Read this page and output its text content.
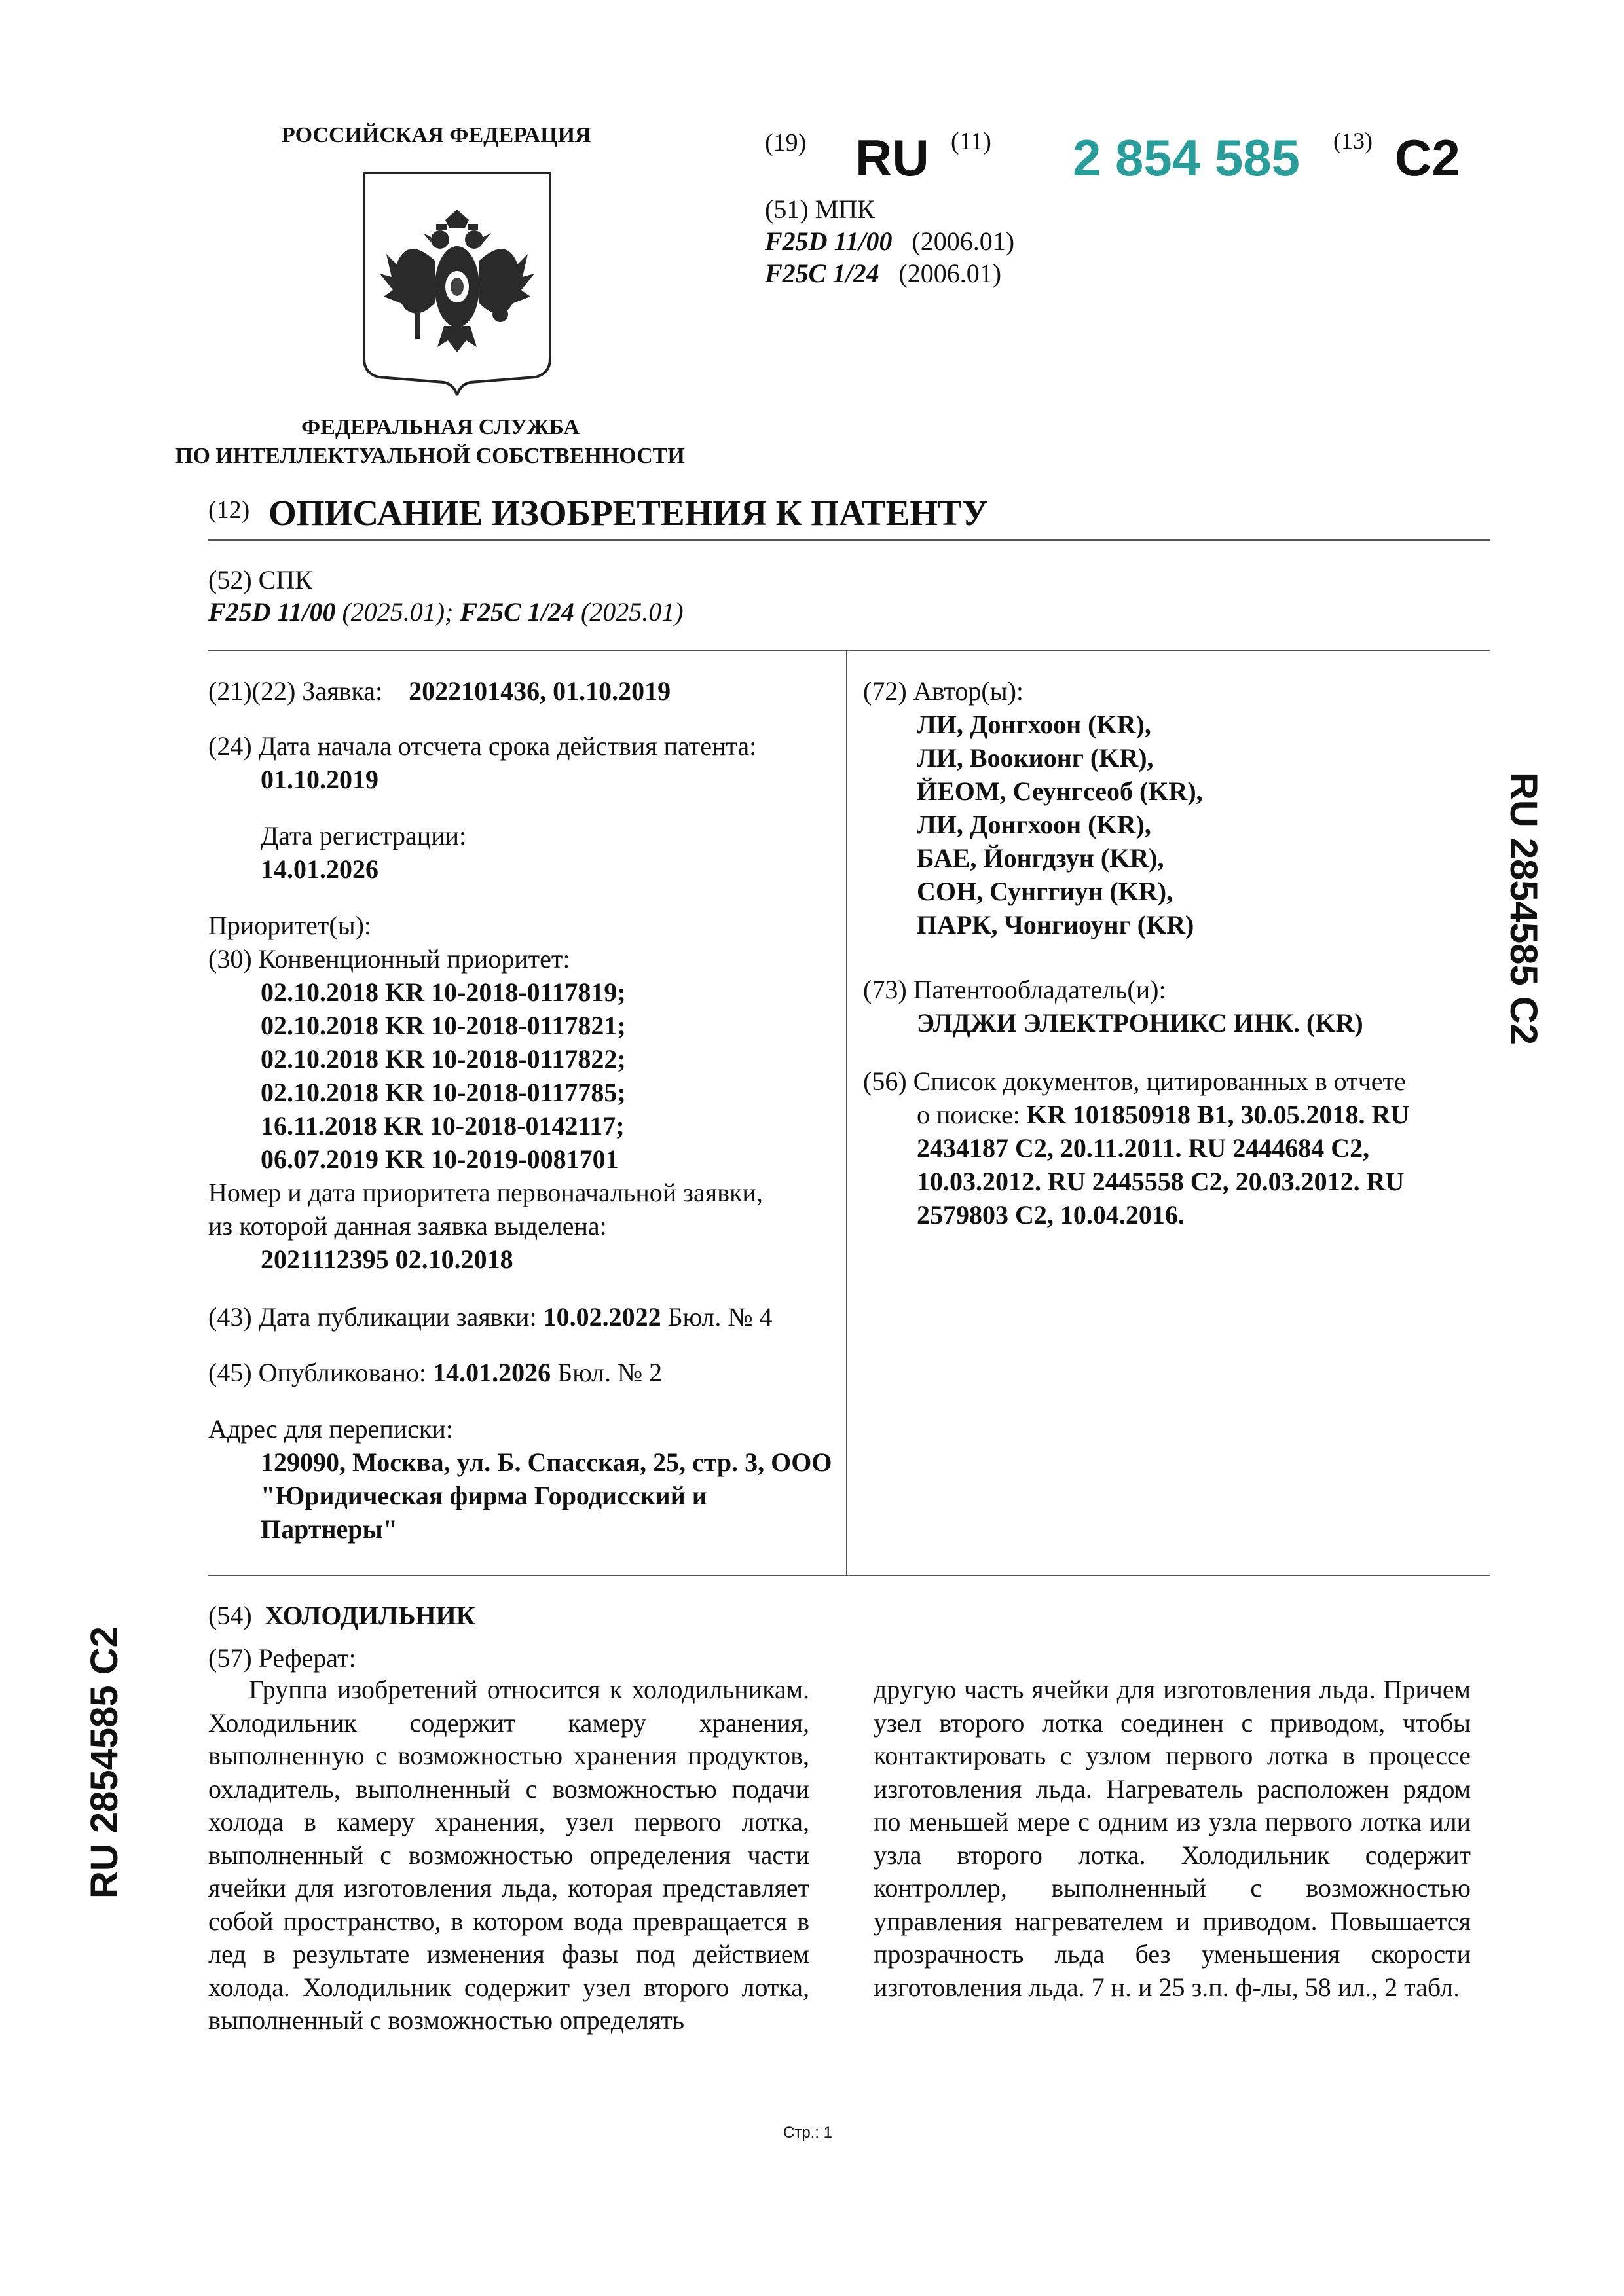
РОССИЙСКАЯ ФЕДЕРАЦИЯ
ФЕДЕРАЛЬНАЯ СЛУЖБА
ПО ИНТЕЛЛЕКТУАЛЬНОЙ СОБСТВЕННОСТИ
(19) RU (11) 2 854 585 (13) C2
(51) МПК
F25D 11/00 (2006.01)
F25C 1/24 (2006.01)
(12) ОПИСАНИЕ ИЗОБРЕТЕНИЯ К ПАТЕНТУ
(52) СПК
F25D 11/00 (2025.01); F25C 1/24 (2025.01)
(21)(22) Заявка: 2022101436, 01.10.2019
(24) Дата начала отсчета срока действия патента:
01.10.2019
Дата регистрации:
14.01.2026
Приоритет(ы):
(30) Конвенционный приоритет:
02.10.2018 KR 10-2018-0117819;
02.10.2018 KR 10-2018-0117821;
02.10.2018 KR 10-2018-0117822;
02.10.2018 KR 10-2018-0117785;
16.11.2018 KR 10-2018-0142117;
06.07.2019 KR 10-2019-0081701
Номер и дата приоритета первоначальной заявки,
из которой данная заявка выделена:
2021112395 02.10.2018
(43) Дата публикации заявки: 10.02.2022 Бюл. № 4
(45) Опубликовано: 14.01.2026 Бюл. № 2
Адрес для переписки:
129090, Москва, ул. Б. Спасская, 25, стр. 3, ООО
"Юридическая фирма Городисский и
Партнеры"
(72) Автор(ы):
ЛИ, Донгхоон (KR),
ЛИ, Воокионг (KR),
ЙЕОМ, Сеунгсеоб (KR),
ЛИ, Донгхоон (KR),
БАЕ, Йонгдзун (KR),
СОН, Сунггиун (KR),
ПАРК, Чонгиоунг (KR)
(73) Патентообладатель(и):
ЭЛДЖИ ЭЛЕКТРОНИКС ИНК. (KR)
(56) Список документов, цитированных в отчете
о поиске: KR 101850918 B1, 30.05.2018. RU
2434187 C2, 20.11.2011. RU 2444684 C2,
10.03.2012. RU 2445558 C2, 20.03.2012. RU
2579803 C2, 10.04.2016.
(54) ХОЛОДИЛЬНИК
(57) Реферат:
Группа изобретений относится к холодильникам. Холодильник содержит камеру хранения, выполненную с возможностью хранения продуктов, охладитель, выполненный с возможностью подачи холода в камеру хранения, узел первого лотка, выполненный с возможностью определения части ячейки для изготовления льда, которая представляет собой пространство, в котором вода превращается в лед в результате изменения фазы под действием холода. Холодильник содержит узел второго лотка, выполненный с возможностью определять
другую часть ячейки для изготовления льда. Причем узел второго лотка соединен с приводом, чтобы контактировать с узлом первого лотка в процессе изготовления льда. Нагреватель расположен рядом по меньшей мере с одним из узла первого лотка или узла второго лотка. Холодильник содержит контроллер, выполненный с возможностью управления нагревателем и приводом. Повышается прозрачность льда без уменьшения скорости изготовления льда. 7 н. и 25 з.п. ф-лы, 58 ил., 2 табл.
RU 2854585 C2
RU 2854585 C2
Стр.: 1
